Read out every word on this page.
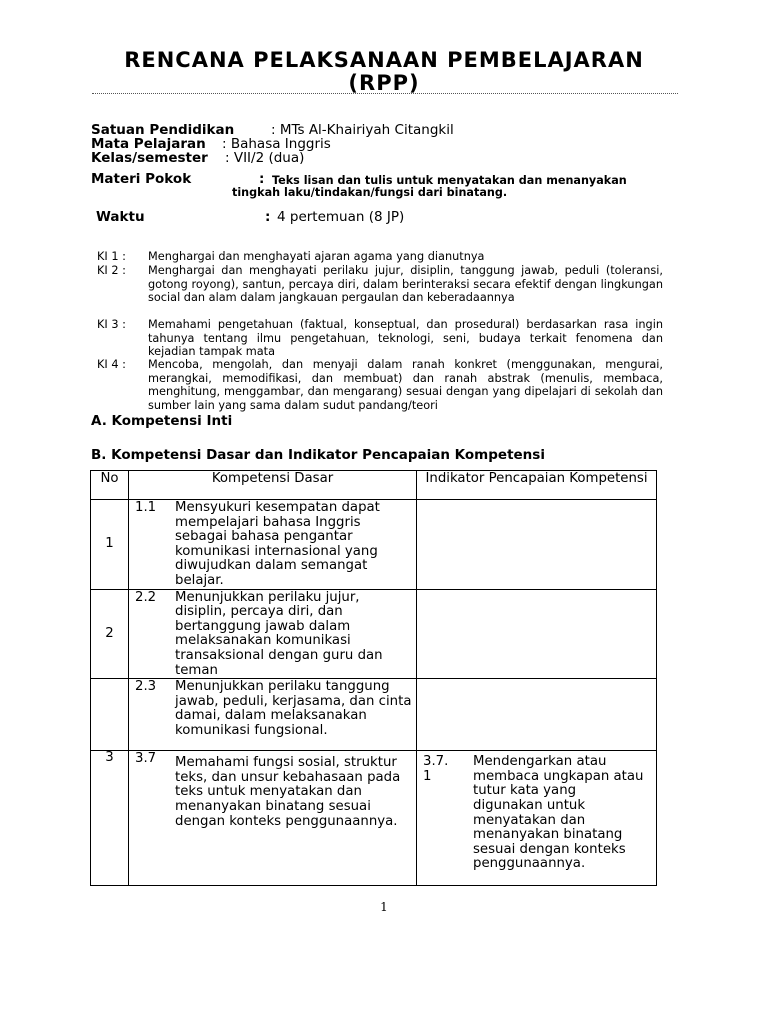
RENCANA PELAKSANAAN PEMBELAJARAN
(RPP)
Satuan Pendidikan	: MTs Al-Khairiyah Citangkil
Mata Pelajaran : Bahasa Inggris
Kelas/semester : VII/2 (dua)
Materi Pokok	: Teks lisan dan tulis untuk menyatakan dan menanyakan
tingkah laku/tindakan/fungsi dari binatang.
Waktu	: 4 pertemuan (8 JP)
KI 1 :	Menghargai dan menghayati ajaran agama yang dianutnya
KI 2 :	Menghargai dan menghayati perilaku jujur, disiplin, tanggung jawab, peduli (toleransi, gotong royong), santun, percaya diri, dalam berinteraksi secara efektif dengan lingkungan social dan alam dalam jangkauan pergaulan dan keberadaannya
KI 3 :	Memahami pengetahuan (faktual, konseptual, dan prosedural) berdasarkan rasa ingin tahunya tentang ilmu pengetahuan, teknologi, seni, budaya terkait fenomena dan kejadian tampak mata
KI 4 :	Mencoba, mengolah, dan menyaji dalam ranah konkret (menggunakan, mengurai, merangkai, memodifikasi, dan membuat) dan ranah abstrak (menulis, membaca, menghitung, menggambar, dan mengarang) sesuai dengan yang dipelajari di sekolah dan sumber lain yang sama dalam sudut pandang/teori
A. Kompetensi Inti
B. Kompetensi Dasar dan Indikator Pencapaian Kompetensi
No	Kompetensi Dasar	Indikator Pencapaian Kompetensi
1	1.1 Mensyukuri kesempatan dapat mempelajari bahasa Inggris sebagai bahasa pengantar komunikasi internasional yang diwujudkan dalam semangat belajar.	

2	2.2 Menunjukkan perilaku jujur, disiplin, percaya diri, dan bertanggung jawab dalam melaksanakan komunikasi transaksional dengan guru dan teman	

	2.3 Menunjukkan perilaku tanggung jawab, peduli, kerjasama, dan cinta damai, dalam melaksanakan komunikasi fungsional.	

3	3.7 Memahami fungsi sosial, struktur teks, dan unsur kebahasaan pada teks untuk menyatakan dan menanyakan binatang sesuai dengan konteks penggunaannya.	3.7. 1
Mendengarkan atau membaca ungkapan atau tutur kata yang digunakan untuk menyatakan dan menanyakan binatang sesuai dengan konteks penggunaannya.
1
